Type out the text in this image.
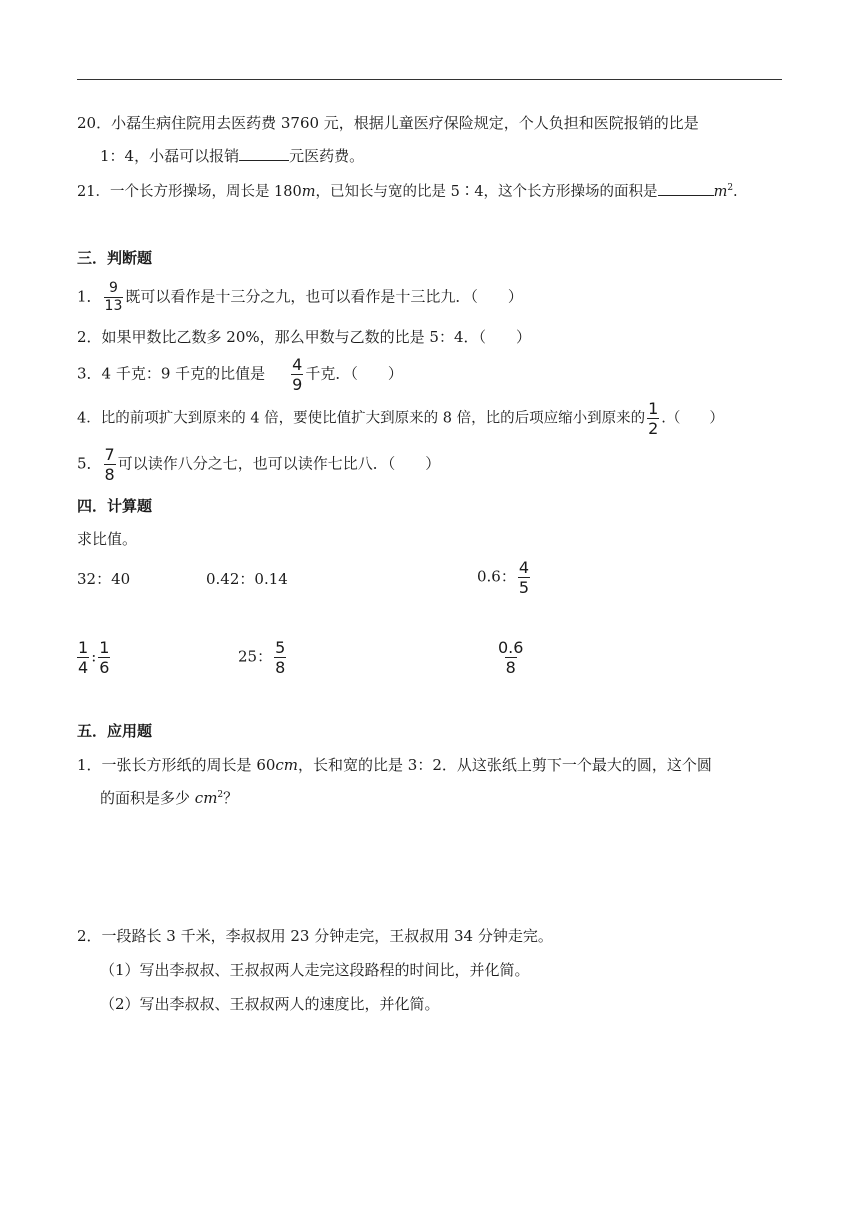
20．小磊生病住院用去医药费 3760 元，根据儿童医疗保险规定，个人负担和医院报销的比是
1：4，小磊可以报销	元医药费。
21．一个长方形操场，周长是 180m，已知长与宽的比是 5∶4，这个长方形操场的面积是	$m^2$.
三．判断题
1． $\frac{9}{13}$ 既可以看作是十三分之九，也可以看作是十三比九．（　　）
2．如果甲数比乙数多 20%，那么甲数与乙数的比是 5：4．（　　）
3．4 千克：9 千克的比值是 $\frac{4}{9}$ 千克．（　　）
4．比的前项扩大到原来的 4 倍，要使比值扩大到原来的 8 倍，比的后项应缩小到原来的 $\frac{1}{2}$ .（　　）
5． $\frac{7}{8}$ 可以读作八分之七，也可以读作七比八．（　　）
四．计算题
求比值。
32：40	0.42：0.14	0.6： $\frac{4}{5}$
$\frac{1}{4}$ : $\frac{1}{6}$	25： $\frac{5}{8}$	$\frac{0.6}{8}$
五．应用题
1．一张长方形纸的周长是 60cm，长和宽的比是 3：2．从这张纸上剪下一个最大的圆，这个圆
的面积是多少 $cm^2$？
2．一段路长 3 千米，李叔叔用 23 分钟走完，王叔叔用 34 分钟走完。
（1）写出李叔叔、王叔叔两人走完这段路程的时间比，并化简。
（2）写出李叔叔、王叔叔两人的速度比，并化简。
